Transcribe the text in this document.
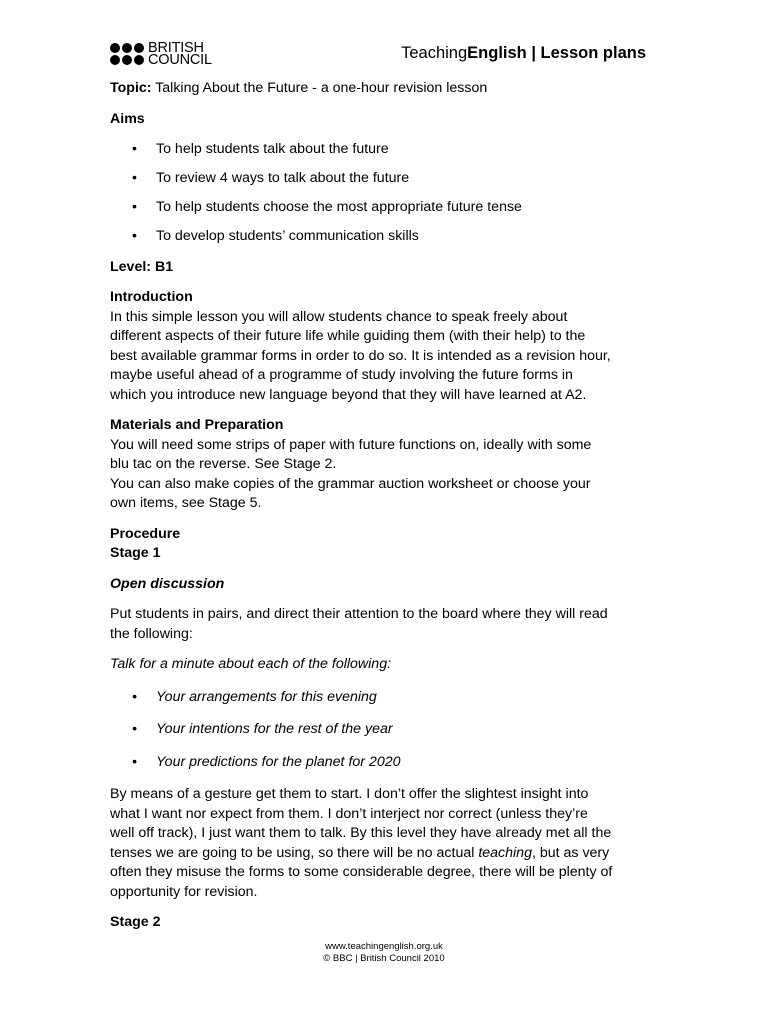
BRITISH
COUNCIL	TeachingEnglish | Lesson plans

Topic: Talking About the Future - a one-hour revision lesson

Aims

• To help students talk about the future
• To review 4 ways to talk about the future
• To help students choose the most appropriate future tense
• To develop students’ communication skills

Level: B1

Introduction

In this simple lesson you will allow students chance to speak freely about
different aspects of their future life while guiding them (with their help) to the
best available grammar forms in order to do so. It is intended as a revision hour,
maybe useful ahead of a programme of study involving the future forms in
which you introduce new language beyond that they will have learned at A2.

Materials and Preparation

You will need some strips of paper with future functions on, ideally with some
blu tac on the reverse. See Stage 2.
You can also make copies of the grammar auction worksheet or choose your
own items, see Stage 5.

Procedure

Stage 1

Open discussion

Put students in pairs, and direct their attention to the board where they will read
the following:

Talk for a minute about each of the following:

• Your arrangements for this evening
• Your intentions for the rest of the year
• Your predictions for the planet for 2020
By means of a gesture get them to start. I don’t offer the slightest insight into
what I want nor expect from them. I don’t interject nor correct (unless they’re
well off track), I just want them to talk. By this level they have already met all the
tenses we are going to be using, so there will be no actual teaching, but as very
often they misuse the forms to some considerable degree, there will be plenty of
opportunity for revision.

Stage 2

www.teachingenglish.org.uk
© BBC | British Council 2010
